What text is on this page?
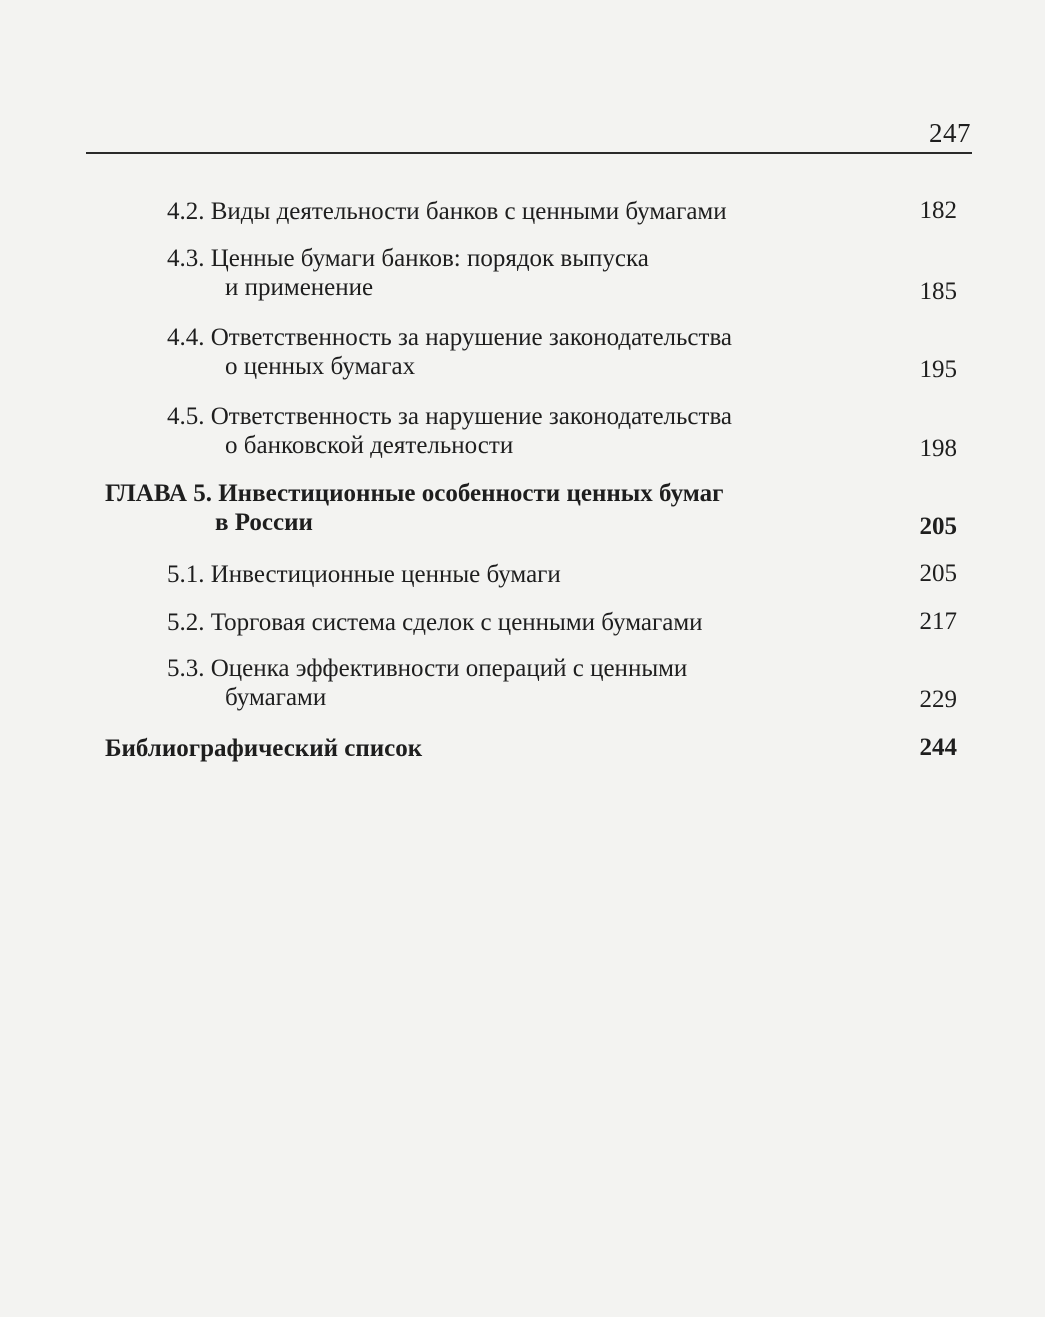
247
4.2. Виды деятельности банков с ценными бумагами	182
4.3. Ценные бумаги банков: порядок выпуска
и применение	185
4.4. Ответственность за нарушение законодательства
о ценных бумагах	195
4.5. Ответственность за нарушение законодательства
о банковской деятельности	198
ГЛАВА 5. Инвестиционные особенности ценных бумаг
в России	205
5.1. Инвестиционные ценные бумаги	205
5.2. Торговая система сделок с ценными бумагами	217
5.3. Оценка эффективности операций с ценными
бумагами	229
Библиографический список	244
